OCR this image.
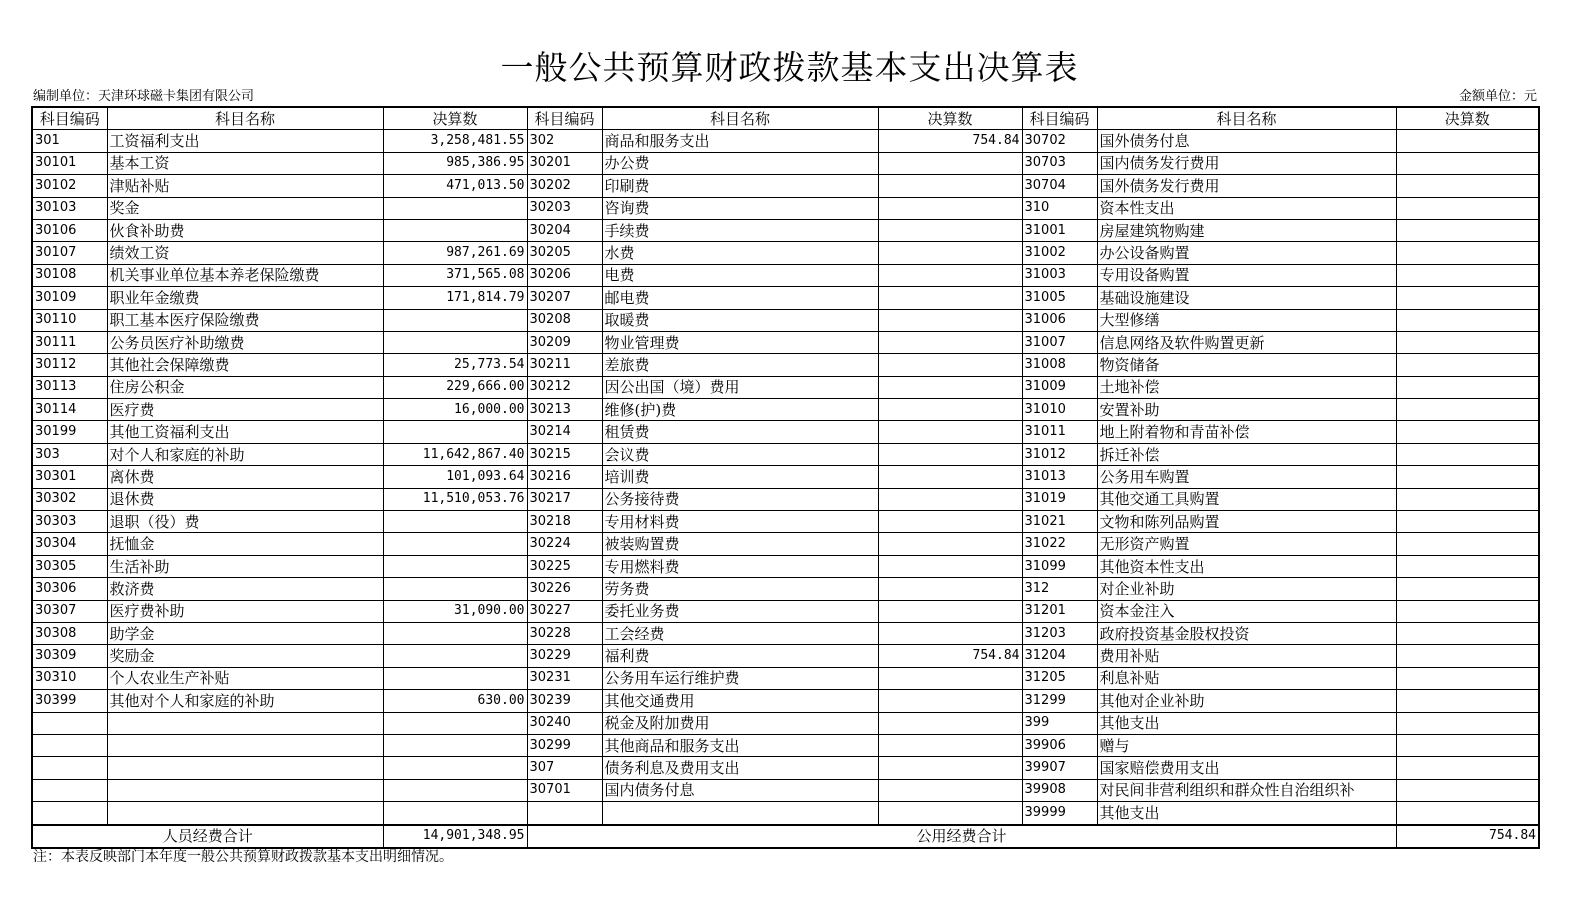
一般公共预算财政拨款基本支出决算表
编制单位：天津环球磁卡集团有限公司	金额单位：元
科目编码	科目名称	决算数	科目编码	科目名称	决算数	科目编码	科目名称	决算数
301	工资福利支出	3,258,481.55	302	商品和服务支出	754.84	30702	国外债务付息	
30101	基本工资	985,386.95	30201	办公费		30703	国内债务发行费用	
30102	津贴补贴	471,013.50	30202	印刷费		30704	国外债务发行费用	
30103	奖金		30203	咨询费		310	资本性支出	
30106	伙食补助费		30204	手续费		31001	房屋建筑物购建	
30107	绩效工资	987,261.69	30205	水费		31002	办公设备购置	
30108	机关事业单位基本养老保险缴费	371,565.08	30206	电费		31003	专用设备购置	
30109	职业年金缴费	171,814.79	30207	邮电费		31005	基础设施建设	
30110	职工基本医疗保险缴费		30208	取暖费		31006	大型修缮	
30111	公务员医疗补助缴费		30209	物业管理费		31007	信息网络及软件购置更新	
30112	其他社会保障缴费	25,773.54	30211	差旅费		31008	物资储备	
30113	住房公积金	229,666.00	30212	因公出国（境）费用		31009	土地补偿	
30114	医疗费	16,000.00	30213	维修(护)费		31010	安置补助	
30199	其他工资福利支出		30214	租赁费		31011	地上附着物和青苗补偿	
303	对个人和家庭的补助	11,642,867.40	30215	会议费		31012	拆迁补偿	
30301	离休费	101,093.64	30216	培训费		31013	公务用车购置	
30302	退休费	11,510,053.76	30217	公务接待费		31019	其他交通工具购置	
30303	退职（役）费		30218	专用材料费		31021	文物和陈列品购置	
30304	抚恤金		30224	被装购置费		31022	无形资产购置	
30305	生活补助		30225	专用燃料费		31099	其他资本性支出	
30306	救济费		30226	劳务费		312	对企业补助	
30307	医疗费补助	31,090.00	30227	委托业务费		31201	资本金注入	
30308	助学金		30228	工会经费		31203	政府投资基金股权投资	
30309	奖励金		30229	福利费	754.84	31204	费用补贴	
30310	个人农业生产补贴		30231	公务用车运行维护费		31205	利息补贴	
30399	其他对个人和家庭的补助	630.00	30239	其他交通费用		31299	其他对企业补助	
			30240	税金及附加费用		399	其他支出	
			30299	其他商品和服务支出		39906	赠与	
			307	债务利息及费用支出		39907	国家赔偿费用支出	
			30701	国内债务付息		39908	对民间非营利组织和群众性自治组织补	
						39999	其他支出	
人员经费合计		14,901,348.95	公用经费合计					754.84
注：本表反映部门本年度一般公共预算财政拨款基本支出明细情况。
